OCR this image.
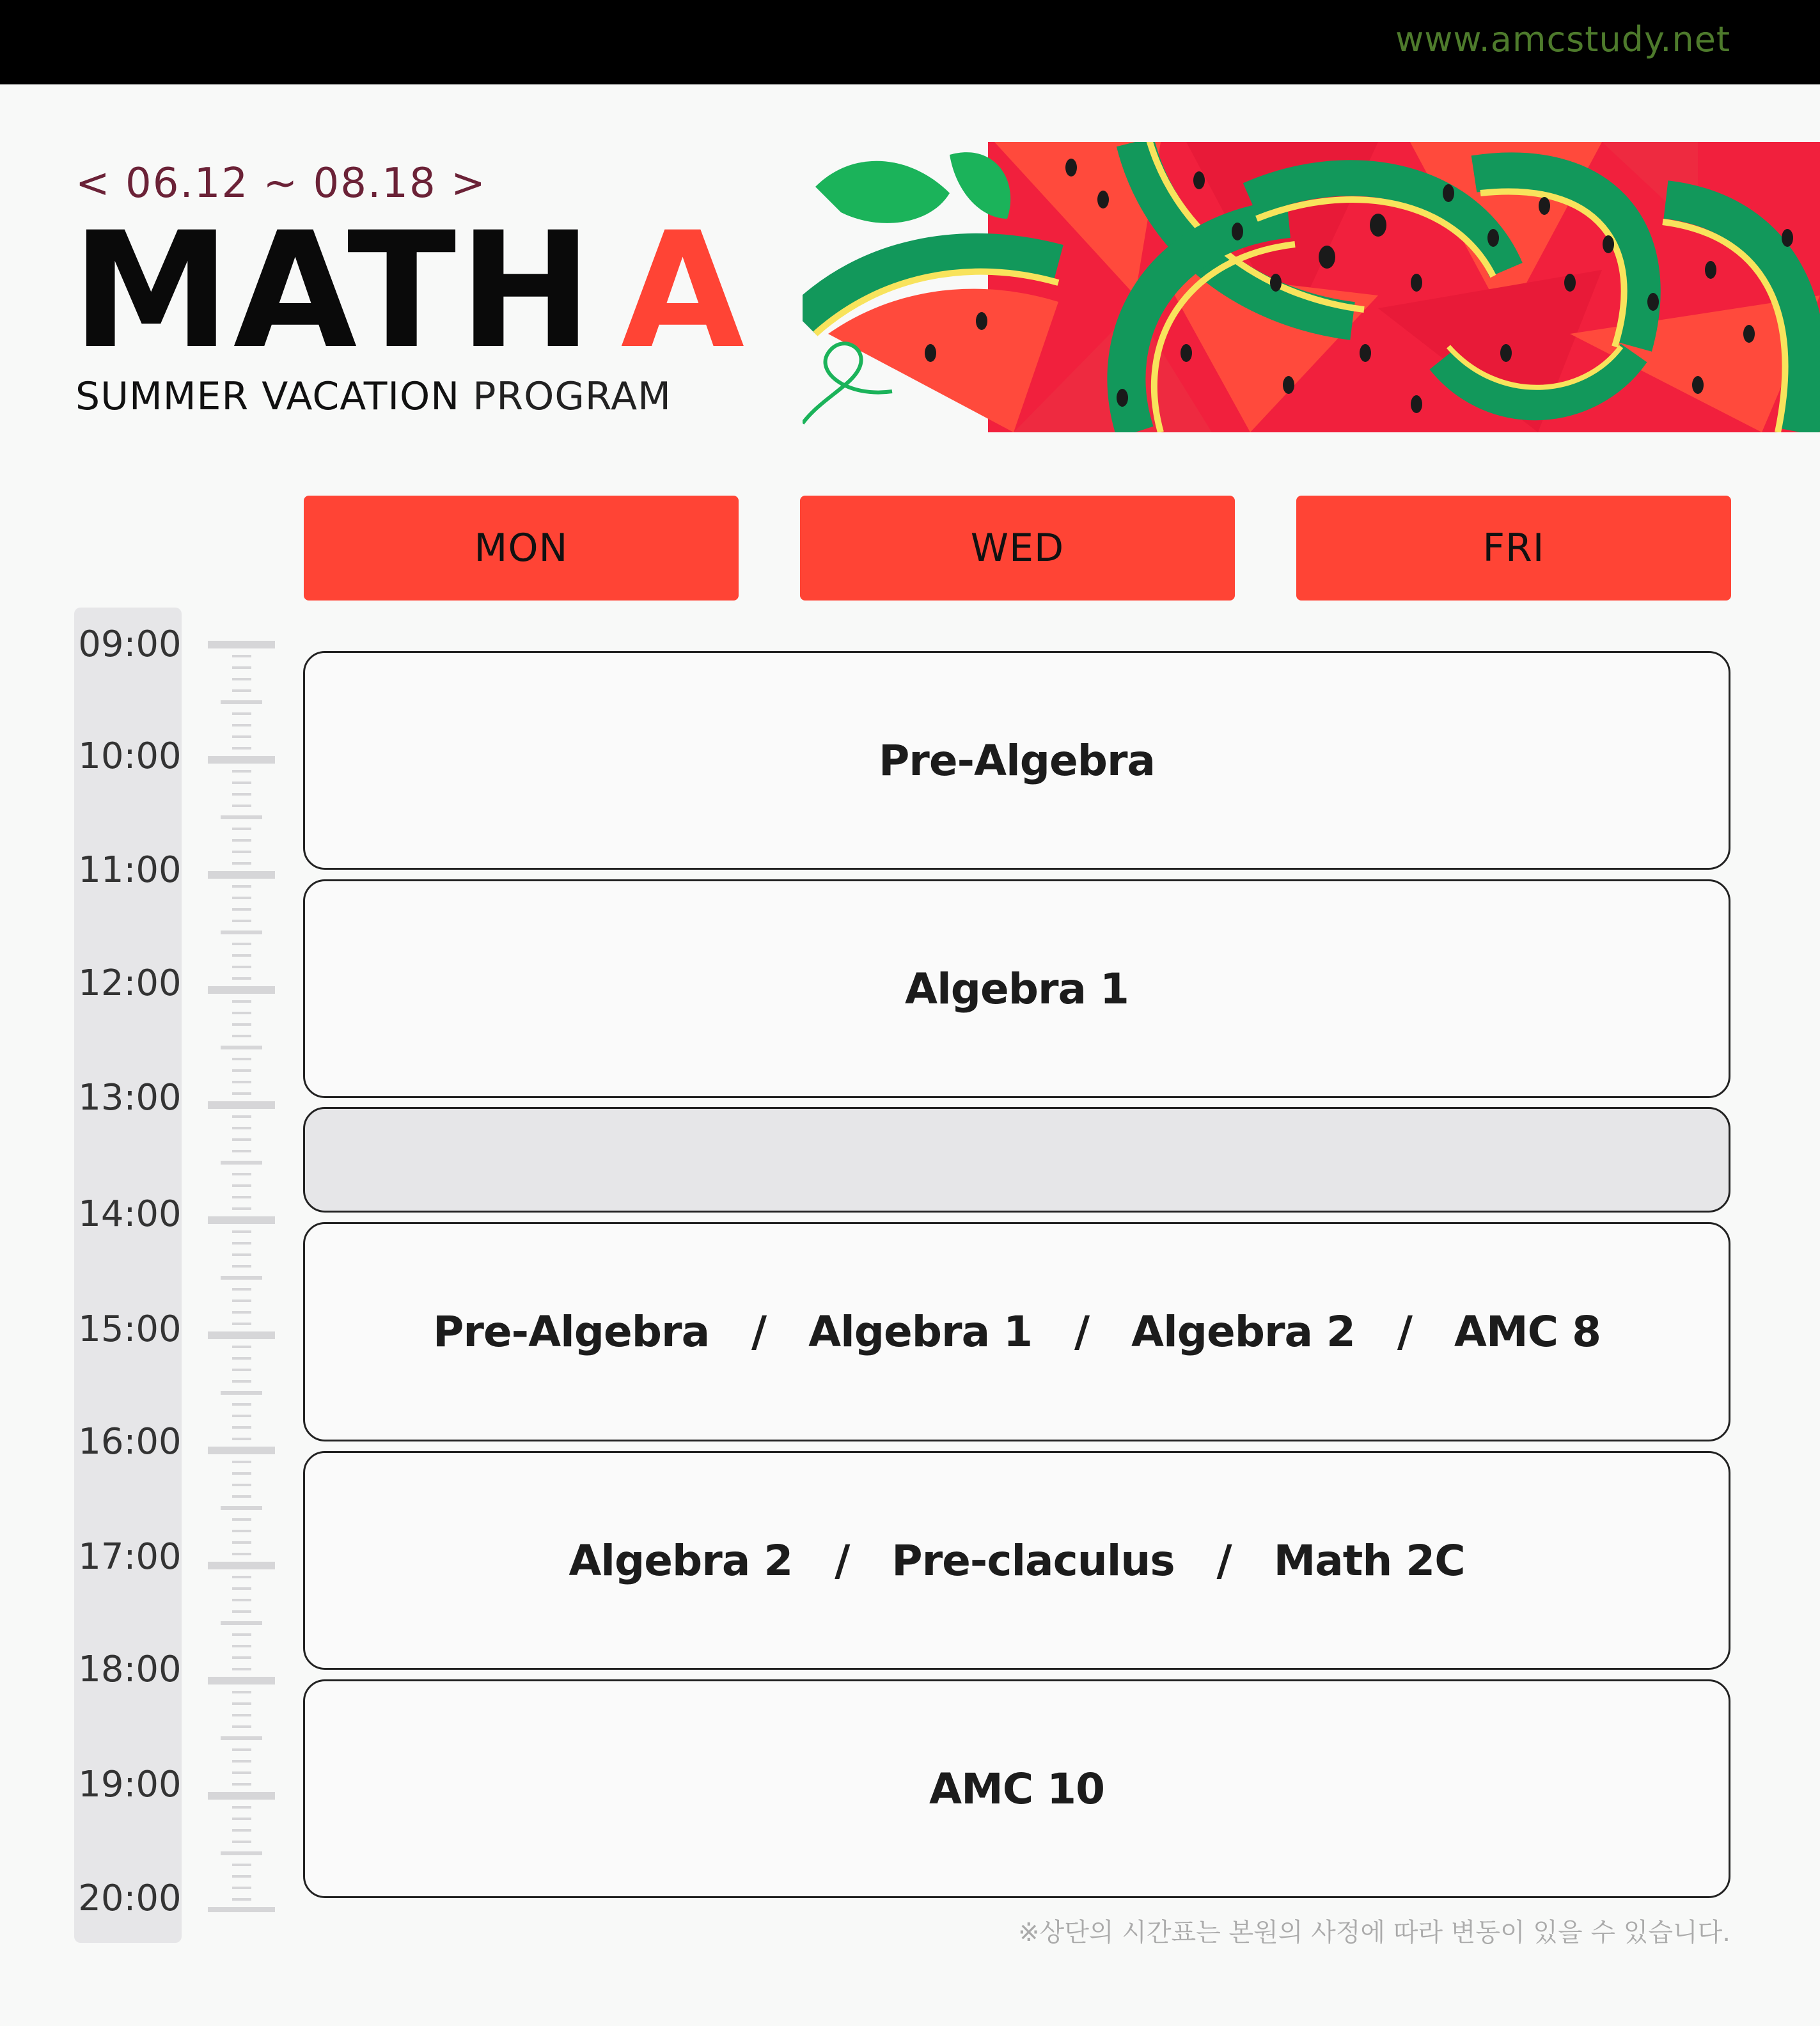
www.amcstudy.net
< 06.12 ~ 08.18 >
MATH A
SUMMER VACATION PROGRAM
MON	WED	FRI
09:00
10:00
11:00
12:00
13:00
14:00
15:00
16:00
17:00
18:00
19:00
20:00
Pre-Algebra
Algebra 1
Pre-Algebra   /   Algebra 1   /   Algebra 2   /   AMC 8
Algebra 2   /   Pre-claculus   /   Math 2C
AMC 10
※상단의 시간표는 본원의 사정에 따라 변동이 있을 수 있습니다.
